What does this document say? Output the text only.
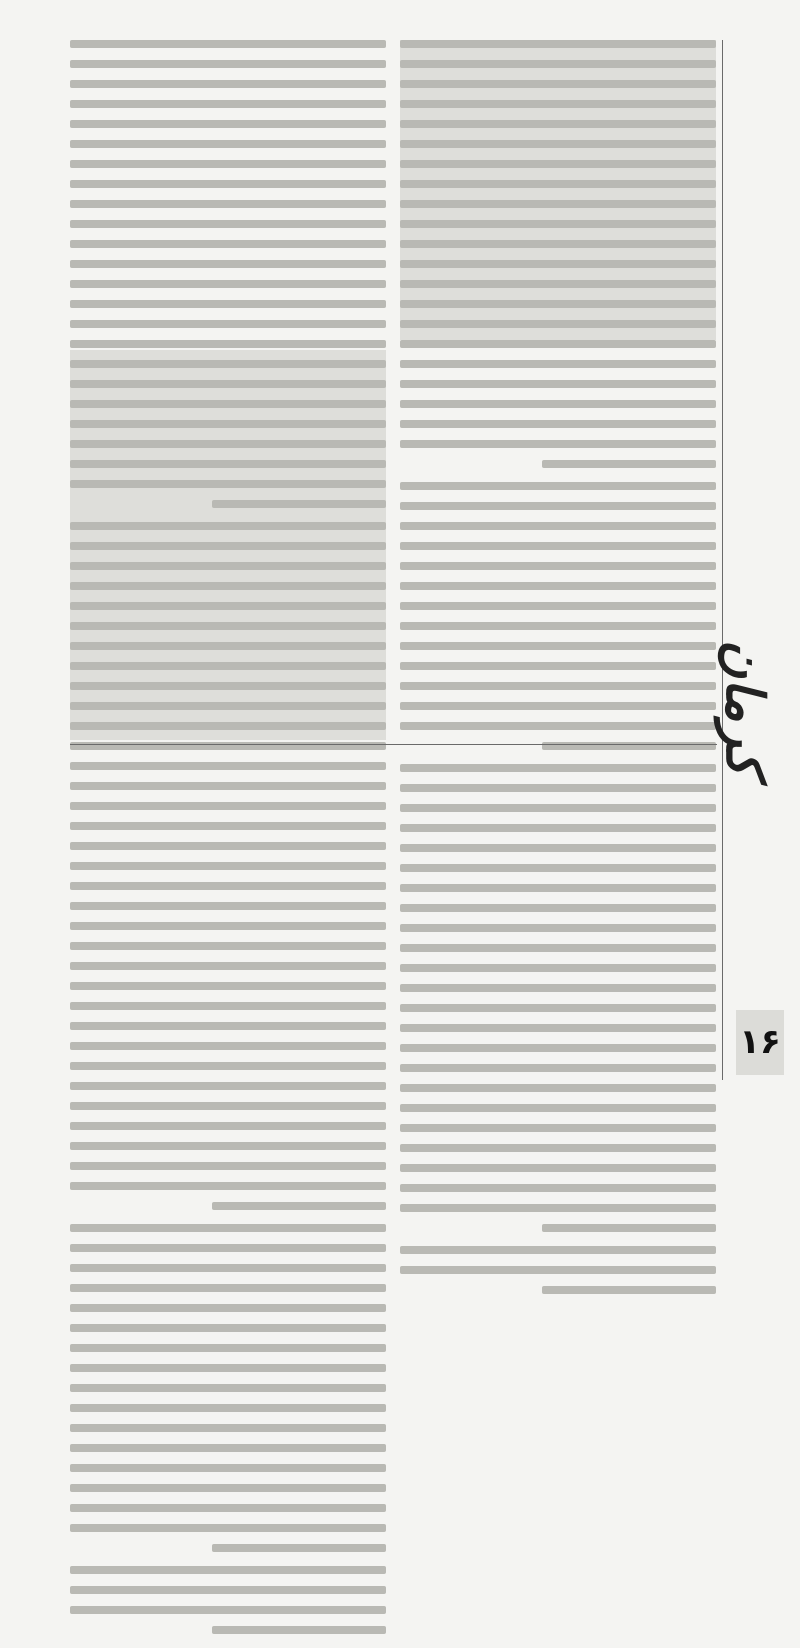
کرمان
۱۶
